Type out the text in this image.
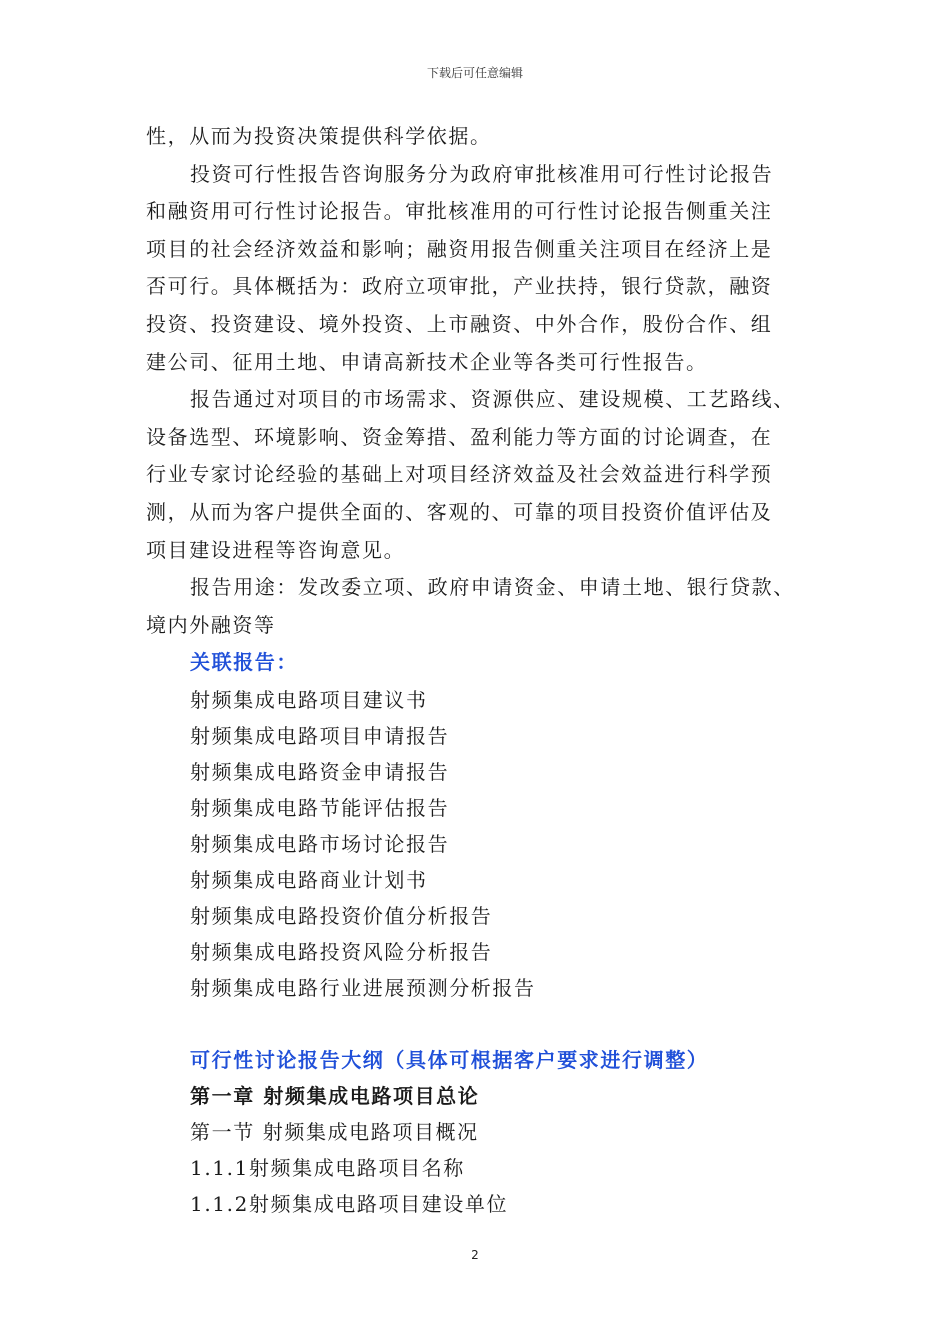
下载后可任意编辑
性，从而为投资决策提供科学依据。
投资可行性报告咨询服务分为政府审批核准用可行性讨论报告
和融资用可行性讨论报告。审批核准用的可行性讨论报告侧重关注
项目的社会经济效益和影响；融资用报告侧重关注项目在经济上是
否可行。具体概括为：政府立项审批，产业扶持，银行贷款，融资
投资、投资建设、境外投资、上市融资、中外合作，股份合作、组
建公司、征用土地、申请高新技术企业等各类可行性报告。
报告通过对项目的市场需求、资源供应、建设规模、工艺路线、
设备选型、环境影响、资金筹措、盈利能力等方面的讨论调查，在
行业专家讨论经验的基础上对项目经济效益及社会效益进行科学预
测，从而为客户提供全面的、客观的、可靠的项目投资价值评估及
项目建设进程等咨询意见。
报告用途：发改委立项、政府申请资金、申请土地、银行贷款、
境内外融资等
关联报告：
射频集成电路项目建议书
射频集成电路项目申请报告
射频集成电路资金申请报告
射频集成电路节能评估报告
射频集成电路市场讨论报告
射频集成电路商业计划书
射频集成电路投资价值分析报告
射频集成电路投资风险分析报告
射频集成电路行业进展预测分析报告
可行性讨论报告大纲（具体可根据客户要求进行调整）
第一章 射频集成电路项目总论
第一节 射频集成电路项目概况
1.1.1射频集成电路项目名称
1.1.2射频集成电路项目建设单位
2
